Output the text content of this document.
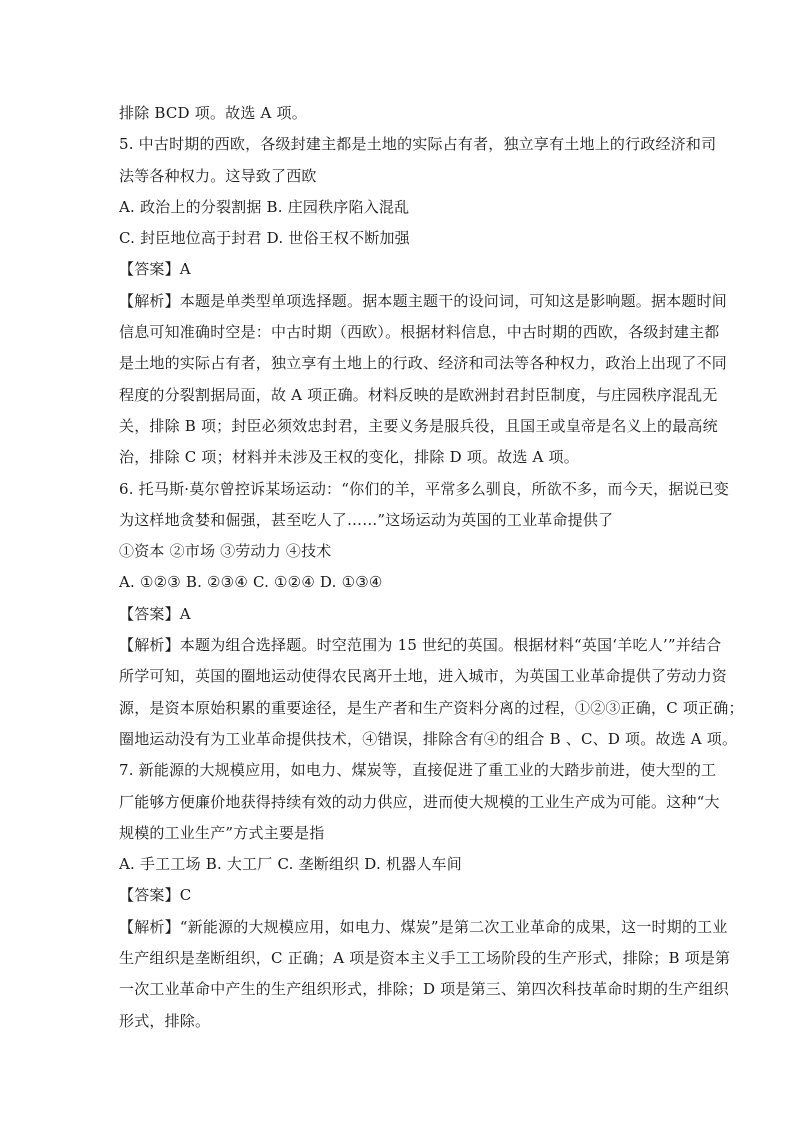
排除 BCD 项。故选 A 项。
5. 中古时期的西欧，各级封建主都是土地的实际占有者，独立享有土地上的行政经济和司
法等各种权力。这导致了西欧
A. 政治上的分裂割据 B. 庄园秩序陷入混乱
C. 封臣地位高于封君 D. 世俗王权不断加强
【答案】A
【解析】本题是单类型单项选择题。据本题主题干的设问词，可知这是影响题。据本题时间
信息可知准确时空是：中古时期（西欧）。根据材料信息，中古时期的西欧，各级封建主都
是土地的实际占有者，独立享有土地上的行政、经济和司法等各种权力，政治上出现了不同
程度的分裂割据局面，故 A 项正确。材料反映的是欧洲封君封臣制度，与庄园秩序混乱无
关，排除 B 项；封臣必须效忠封君，主要义务是服兵役，且国王或皇帝是名义上的最高统
治，排除 C 项；材料并未涉及王权的变化，排除 D 项。故选 A 项。
6. 托马斯·莫尔曾控诉某场运动：“你们的羊，平常多么驯良，所欲不多，而今天，据说已变
为这样地贪婪和倔强，甚至吃人了……”这场运动为英国的工业革命提供了
①资本 ②市场 ③劳动力 ④技术
A. ①②③ B. ②③④ C. ①②④ D. ①③④
【答案】A
【解析】本题为组合选择题。时空范围为 15 世纪的英国。根据材料“英国‘羊吃人’”并结合
所学可知，英国的圈地运动使得农民离开土地，进入城市，为英国工业革命提供了劳动力资
源，是资本原始积累的重要途径，是生产者和生产资料分离的过程，①②③正确，C 项正确；
圈地运动没有为工业革命提供技术，④错误，排除含有④的组合 B 、C、D 项。故选 A 项。
7. 新能源的大规模应用，如电力、煤炭等，直接促进了重工业的大踏步前进，使大型的工
厂能够方便廉价地获得持续有效的动力供应，进而使大规模的工业生产成为可能。这种“大
规模的工业生产”方式主要是指
A. 手工工场 B. 大工厂 C. 垄断组织 D. 机器人车间
【答案】C
【解析】“新能源的大规模应用，如电力、煤炭”是第二次工业革命的成果，这一时期的工业
生产组织是垄断组织，C 正确；A 项是资本主义手工工场阶段的生产形式，排除；B 项是第
一次工业革命中产生的生产组织形式，排除；D 项是第三、第四次科技革命时期的生产组织
形式，排除。
